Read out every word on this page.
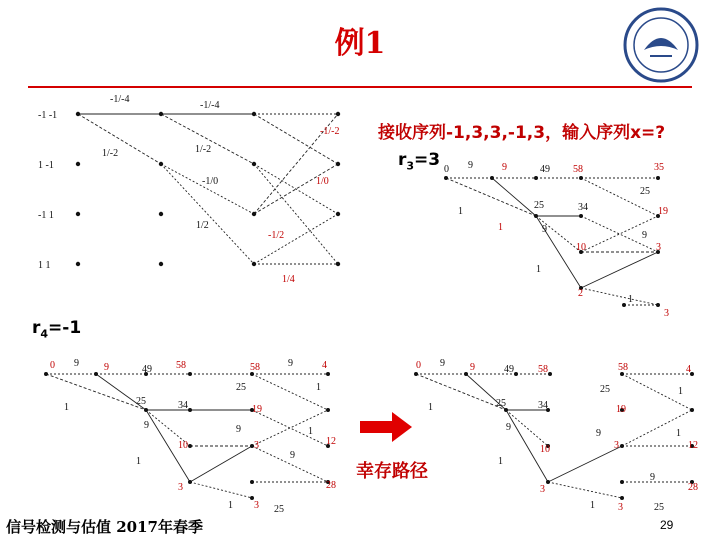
例1
接收序列-1,3,3,-1,3，输入序列x=?
$r_3=3$
$r_4=-1$
-1 -1
1 -1
-1 1
1 1
-1/-4
-1/-4
1/-2	1/-2
-1/-2
-1/0	1/0
1/2
-1/2
1/4
0 9	9	49 58	35
25
1
25	34	19
1	9
9
10	3
1
2
1
3
0 9	9	49 58	58	9	4
25	1
25	34
1	19
9	9
10
1
12
3
1
9
3	28
1 3 25
幸存路径
0 9	9	49 58	58	4
25	1
1	25	34	19
9
9	1
10	3	12
1
3
9
28
1 3	25
信号检测与估值 2017年春季	29
